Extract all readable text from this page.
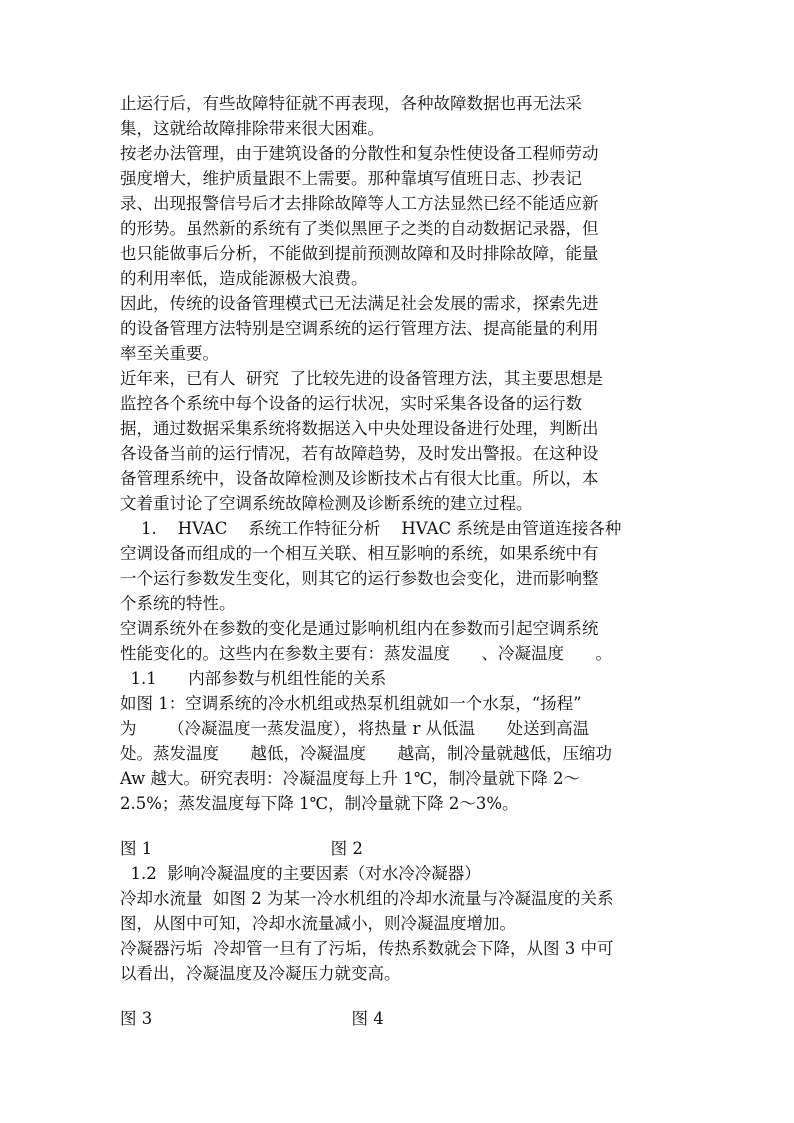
止运行后，有些故障特征就不再表现，各种故障数据也再无法采
集，这就给故障排除带来很大困难。
按老办法管理，由于建筑设备的分散性和复杂性使设备工程师劳动
强度增大，维护质量跟不上需要。那种靠填写值班日志、抄表记
录、出现报警信号后才去排除故障等人工方法显然已经不能适应新
的形势。虽然新的系统有了类似黑匣子之类的自动数据记录器，但
也只能做事后分析，不能做到提前预测故障和及时排除故障，能量
的利用率低，造成能源极大浪费。
因此，传统的设备管理模式已无法满足社会发展的需求，探索先进
的设备管理方法特别是空调系统的运行管理方法、提高能量的利用
率至关重要。
近年来，已有人  研究  了比较先进的设备管理方法，其主要思想是
监控各个系统中每个设备的运行状况，实时采集各设备的运行数
据，通过数据采集系统将数据送入中央处理设备进行处理，判断出
各设备当前的运行情况，若有故障趋势，及时发出警报。在这种设
备管理系统中，设备故障检测及诊断技术占有很大比重。所以，本
文着重讨论了空调系统故障检测及诊断系统的建立过程。
1.    HVAC    系统工作特征分析    HVAC 系统是由管道连接各种
空调设备而组成的一个相互关联、相互影响的系统，如果系统中有
一个运行参数发生变化，则其它的运行参数也会变化，进而影响整
个系统的特性。
空调系统外在参数的变化是通过影响机组内在参数而引起空调系统
性能变化的。这些内在参数主要有：蒸发温度      、冷凝温度      。
1.1      内部参数与机组性能的关系
如图 1：空调系统的冷水机组或热泵机组就如一个水泵，“扬程”
为      （冷凝温度一蒸发温度），将热量 r 从低温      处送到高温
处。蒸发温度      越低，冷凝温度      越高，制冷量就越低，压缩功
Aw 越大。研究表明：冷凝温度每上升 1℃，制冷量就下降 2～
2.5%；蒸发温度每下降 1℃，制冷量就下降 2～3%。
图 1                                  图 2
1.2  影响冷凝温度的主要因素（对水冷冷凝器）
冷却水流量  如图 2 为某一冷水机组的冷却水流量与冷凝温度的关系
图，从图中可知，冷却水流量减小，则冷凝温度增加。
冷凝器污垢  冷却管一旦有了污垢，传热系数就会下降，从图 3 中可
以看出，冷凝温度及冷凝压力就变高。
图 3                                      图 4
